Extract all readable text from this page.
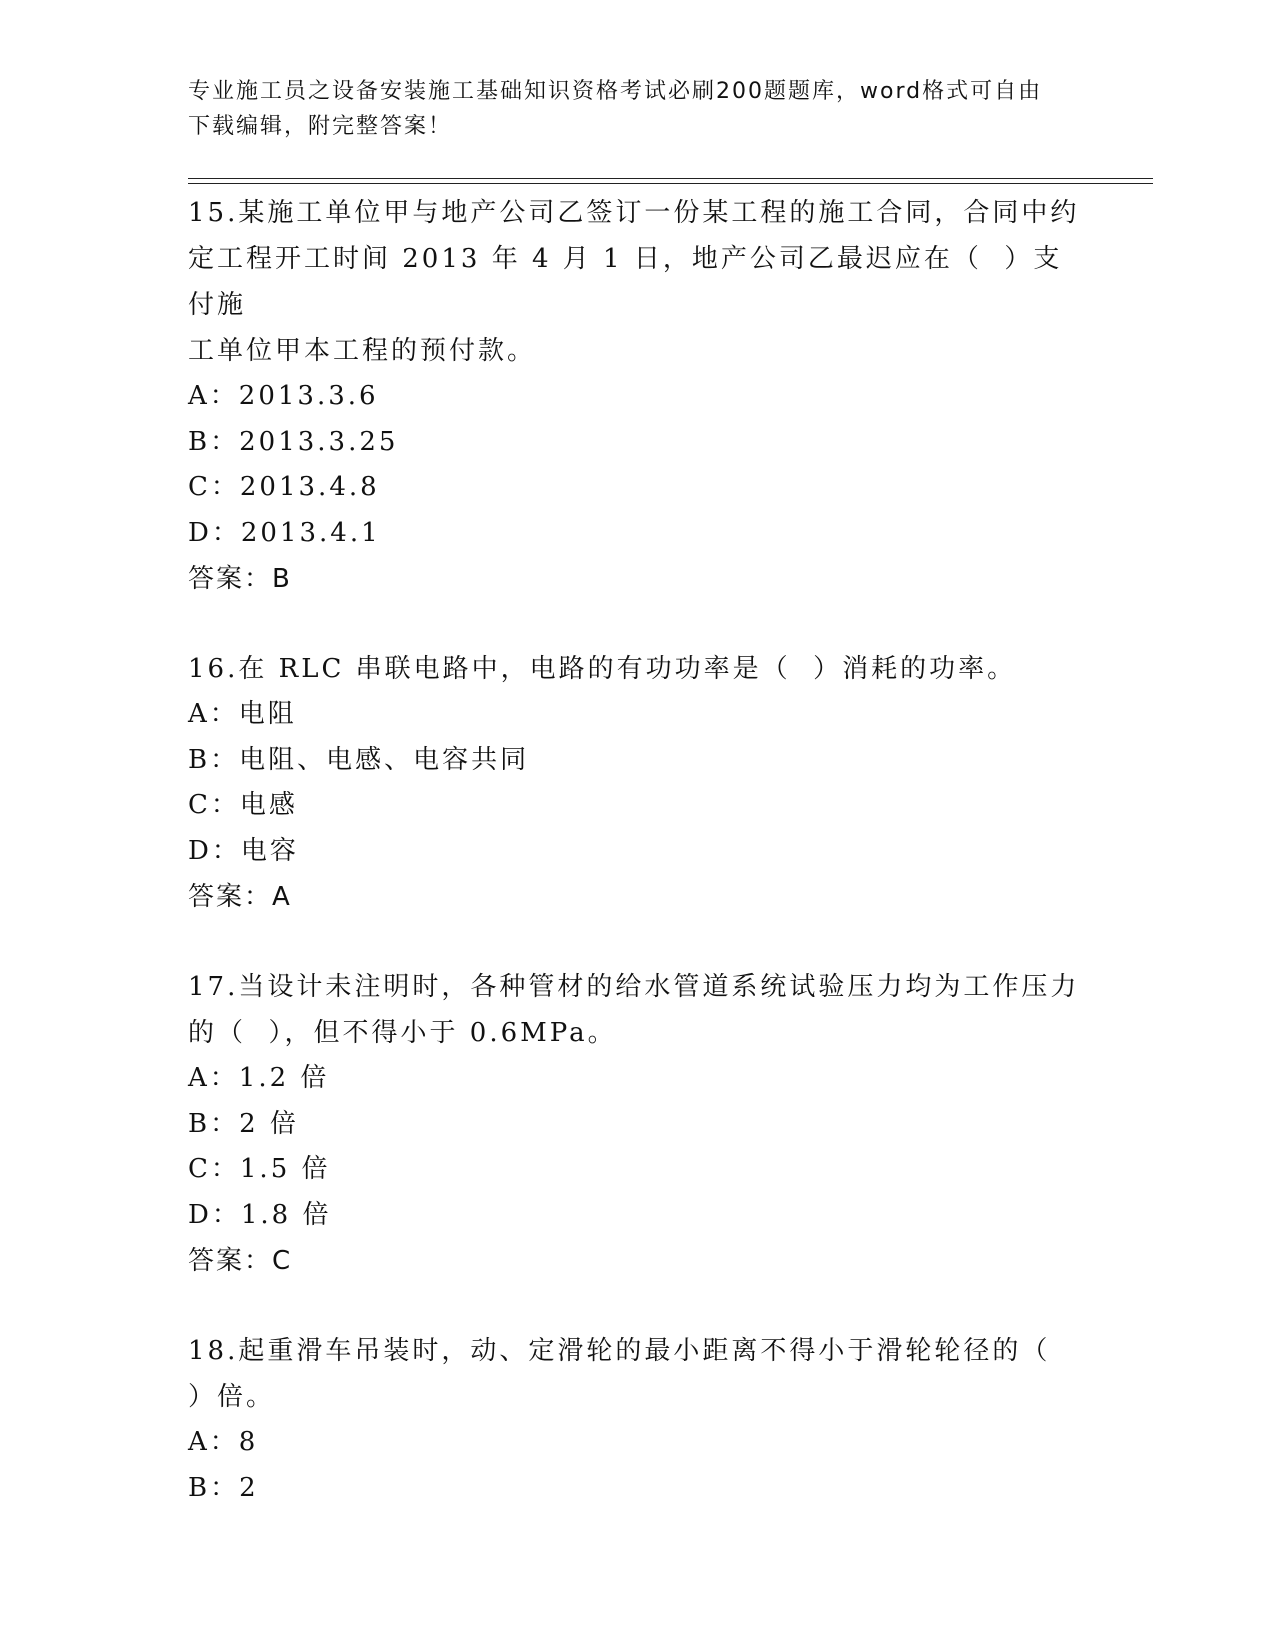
专业施工员之设备安装施工基础知识资格考试必刷200题题库，word格式可自由
下载编辑，附完整答案！
15.某施工单位甲与地产公司乙签订一份某工程的施工合同，合同中约
定工程开工时间 2013 年 4 月 1 日，地产公司乙最迟应在（  ）支付施
工单位甲本工程的预付款。
A：2013.3.6
B：2013.3.25
C：2013.4.8
D：2013.4.1
答案：B
16.在 RLC 串联电路中，电路的有功功率是（  ）消耗的功率。
A：电阻
B：电阻、电感、电容共同
C：电感
D：电容
答案：A
17.当设计未注明时，各种管材的给水管道系统试验压力均为工作压力
的（  ），但不得小于 0.6MPa。
A：1.2 倍
B：2 倍
C：1.5 倍
D：1.8 倍
答案：C
18.起重滑车吊装时，动、定滑轮的最小距离不得小于滑轮轮径的（
）倍。
A：8
B：2
